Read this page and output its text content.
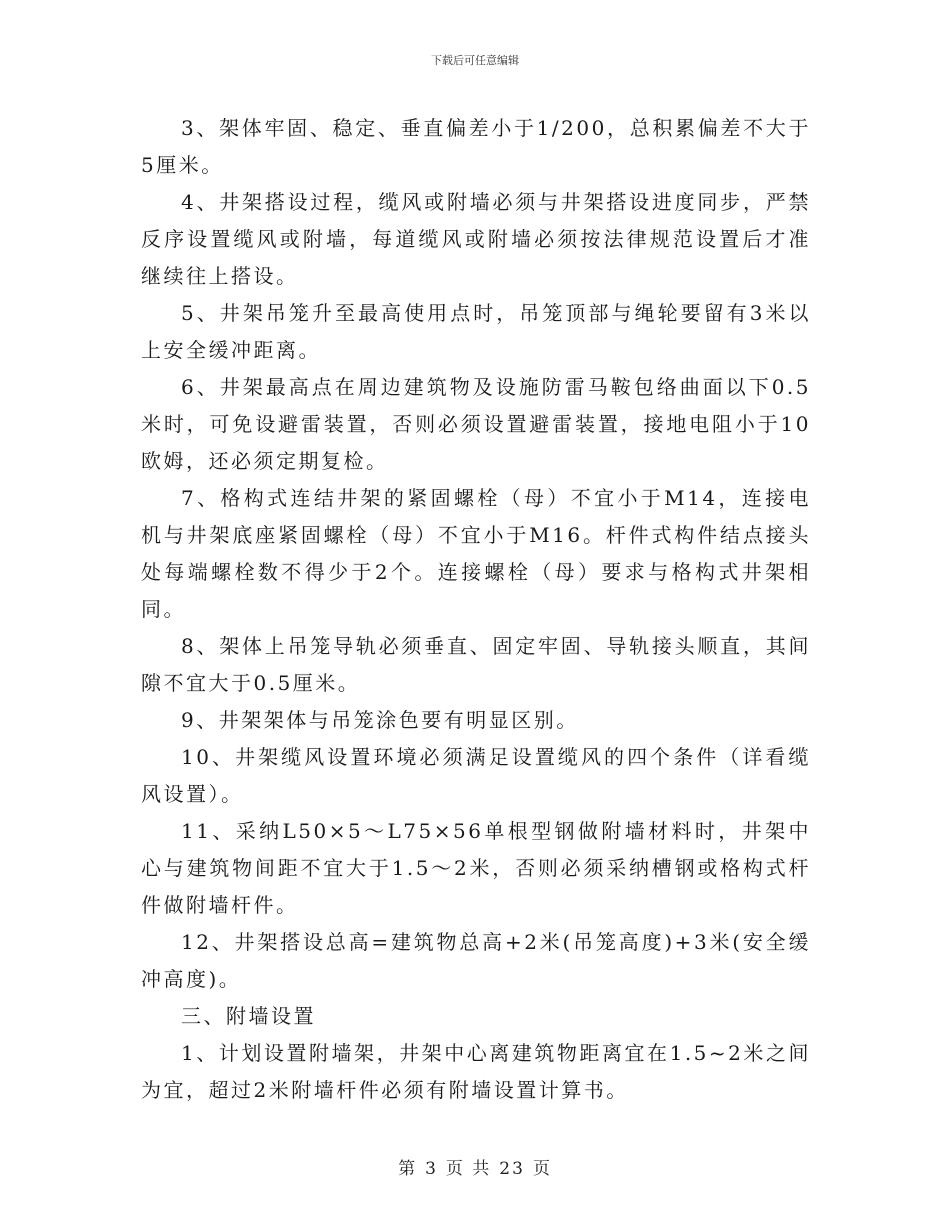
下载后可任意编辑

3、架体牢固、稳定、垂直偏差小于1/200，总积累偏差不大于5厘米。

4、井架搭设过程，缆风或附墙必须与井架搭设进度同步，严禁反序设置缆风或附墙，每道缆风或附墙必须按法律规范设置后才准继续往上搭设。

5、井架吊笼升至最高使用点时，吊笼顶部与绳轮要留有3米以上安全缓冲距离。

6、井架最高点在周边建筑物及设施防雷马鞍包络曲面以下0.5米时，可免设避雷装置，否则必须设置避雷装置，接地电阻小于10欧姆，还必须定期复检。

7、格构式连结井架的紧固螺栓（母）不宜小于M14，连接电机与井架底座紧固螺栓（母）不宜小于M16。杆件式构件结点接头处每端螺栓数不得少于2个。连接螺栓（母）要求与格构式井架相同。

8、架体上吊笼导轨必须垂直、固定牢固、导轨接头顺直，其间隙不宜大于0.5厘米。

9、井架架体与吊笼涂色要有明显区别。

10、井架缆风设置环境必须满足设置缆风的四个条件（详看缆风设置）。

11、采纳L50×5～L75×56单根型钢做附墙材料时，井架中心与建筑物间距不宜大于1.5～2米，否则必须采纳槽钢或格构式杆件做附墙杆件。

12、井架搭设总高=建筑物总高+2米(吊笼高度)+3米(安全缓冲高度)。

三、附墙设置

1、计划设置附墙架，井架中心离建筑物距离宜在1.5~2米之间为宜，超过2米附墙杆件必须有附墙设置计算书。

第 3 页 共 23 页
